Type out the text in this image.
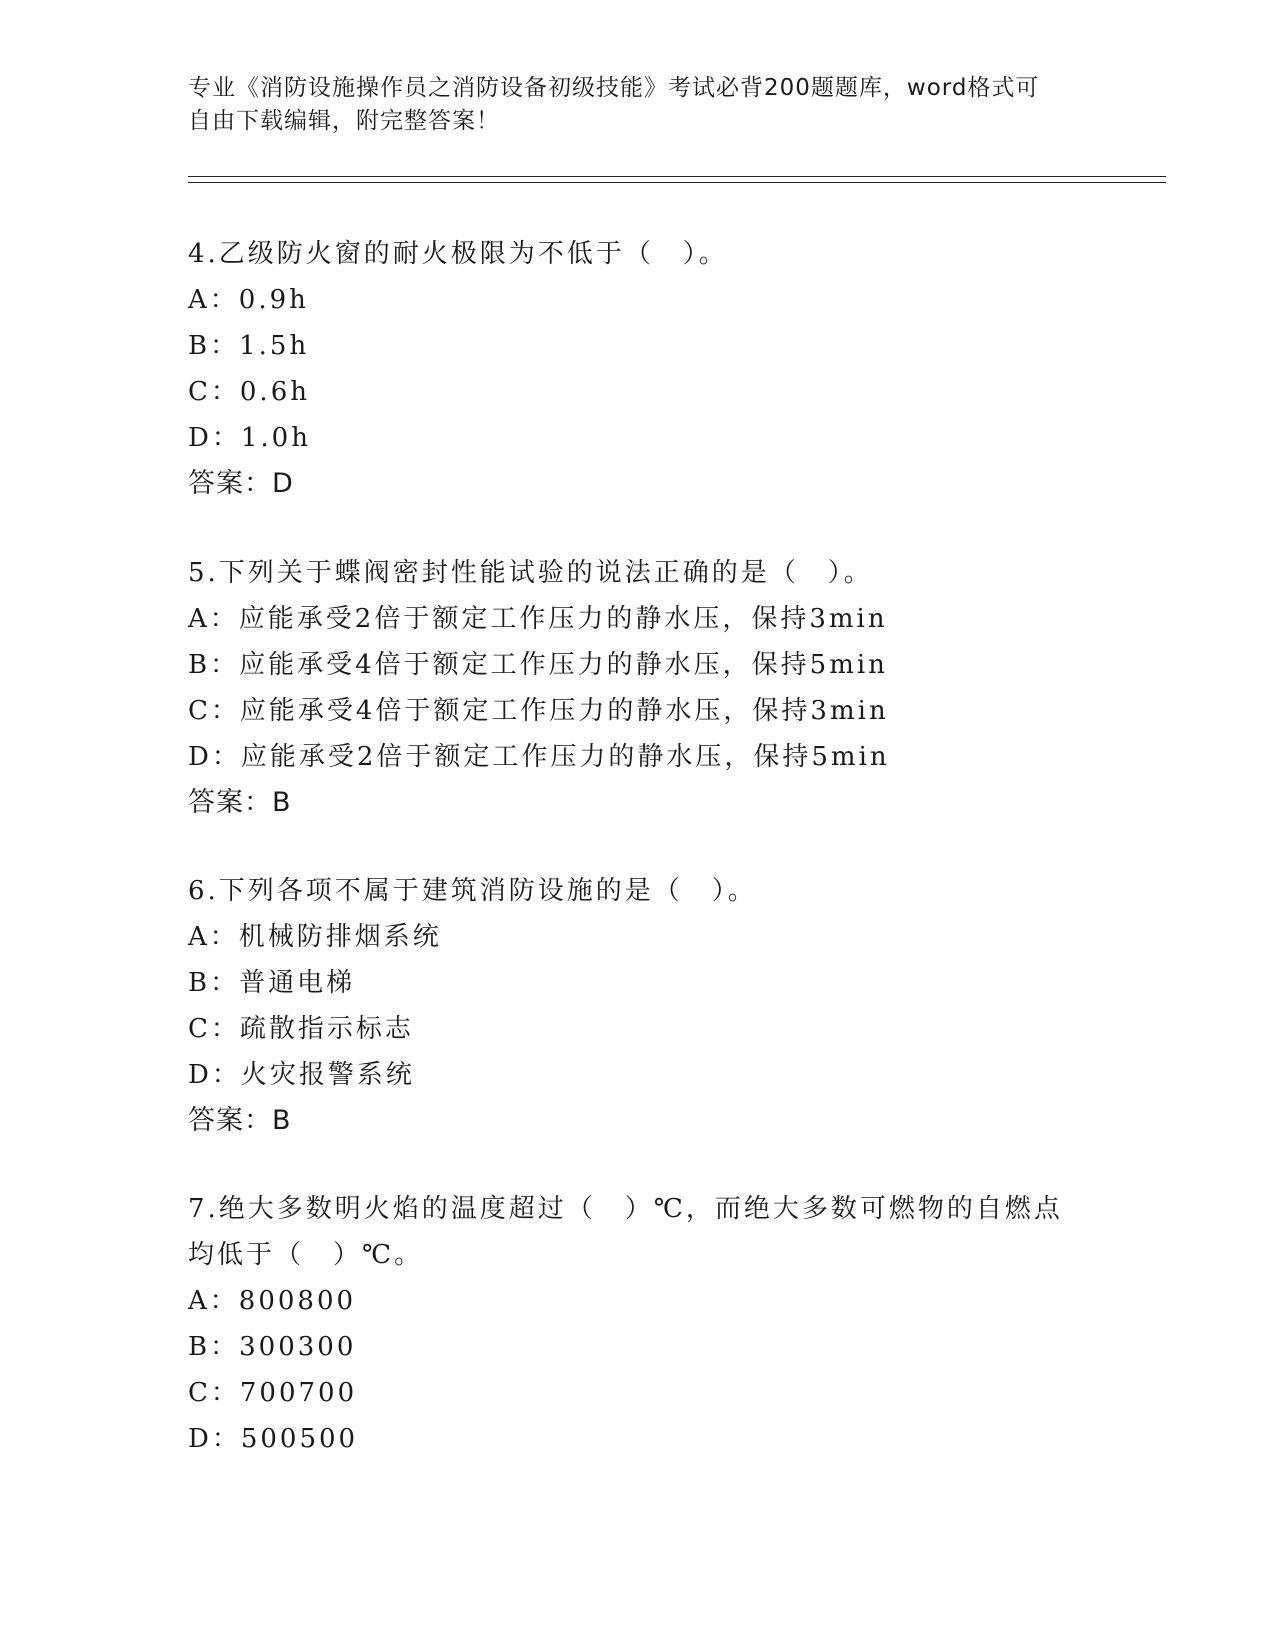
专业《消防设施操作员之消防设备初级技能》考试必背200题题库，word格式可
自由下载编辑，附完整答案！
4.乙级防火窗的耐火极限为不低于（　）。
A：0.9h
B：1.5h
C：0.6h
D：1.0h
答案：D
5.下列关于蝶阀密封性能试验的说法正确的是（　）。
A：应能承受2倍于额定工作压力的静水压，保持3min
B：应能承受4倍于额定工作压力的静水压，保持5min
C：应能承受4倍于额定工作压力的静水压，保持3min
D：应能承受2倍于额定工作压力的静水压，保持5min
答案：B
6.下列各项不属于建筑消防设施的是（　）。
A：机械防排烟系统
B：普通电梯
C：疏散指示标志
D：火灾报警系统
答案：B
7.绝大多数明火焰的温度超过（　）℃，而绝大多数可燃物的自燃点
均低于（　）℃。
A：800800
B：300300
C：700700
D：500500
